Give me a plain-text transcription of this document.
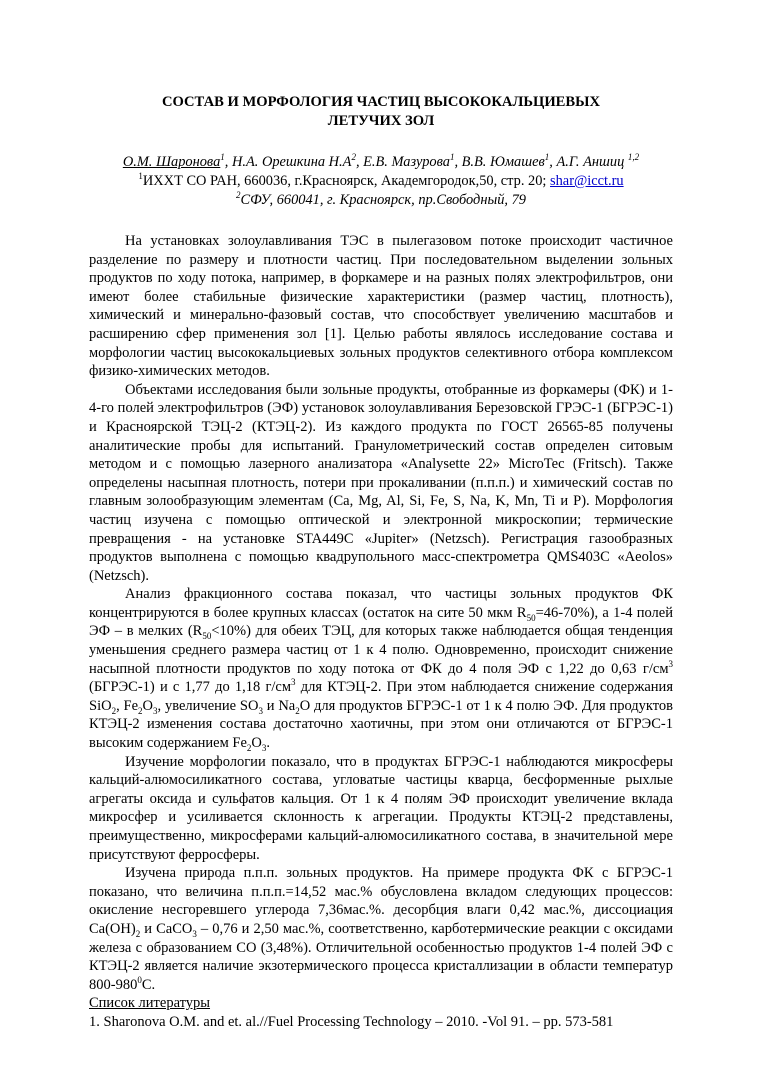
СОСТАВ И МОРФОЛОГИЯ ЧАСТИЦ ВЫСОКОКАЛЬЦИЕВЫХ
ЛЕТУЧИХ ЗОЛ
О.М. Шаронова$^1$, Н.А. Орешкина $Н.А^2$, Е.В. Мазурова$^1$, В.В. Юмашев$^1$, А.Г. Аншиц $^{1,2}$
$^1$ИХХТ СО РАН, 660036, г.Красноярск, Академгородок,50, стр. 20; shar@icct.ru
$^2$СФУ, 660041, г. Красноярск, пр.Свободный, 79

На установках золоулавливания ТЭС в пылегазовом потоке происходит частичное разделение по размеру и плотности частиц. При последовательном выделении зольных продуктов по ходу потока, например, в форкамере и на разных полях электрофильтров, они имеют более стабильные физические характеристики (размер частиц, плотность), химический и минерально-фазовый состав, что способствует увеличению масштабов и расширению сфер применения зол [1]. Целью работы являлось исследование состава и морфологии частиц высококальциевых зольных продуктов селективного отбора комплексом физико-химических методов.

Объектами исследования были зольные продукты, отобранные из форкамеры (ФК) и 1-4-го полей электрофильтров (ЭФ) установок золоулавливания Березовской ГРЭС-1 (БГРЭС-1) и Красноярской ТЭЦ-2 (КТЭЦ-2). Из каждого продукта по ГОСТ 26565-85 получены аналитические пробы для испытаний. Гранулометрический состав определен ситовым методом и с помощью лазерного анализатора «Analysette 22» MicroTec (Fritsch). Также определены насыпная плотность, потери при прокаливании (п.п.п.) и химический состав по главным золообразующим элементам (Ca, Mg, Al, Si, Fe, S, Na, K, Mn, Ti и P). Морфология частиц изучена с помощью оптической и электронной микроскопии; термические превращения - на установке STA449C «Jupiter» (Netzsch). Регистрация газообразных продуктов выполнена с помощью квадрупольного масс-спектрометра QMS403C «Aeolos» (Netzsch).

Анализ фракционного состава показал, что частицы зольных продуктов ФК концентрируются в более крупных классах (остаток на сите 50 мкм $R_{50}=46-70\%$), а 1-4 полей ЭФ – в мелких $(R_{50}<10\%)$ для обеих ТЭЦ, для которых также наблюдается общая тенденция уменьшения среднего размера частиц от 1 к 4 полю. Одновременно, происходит снижение насыпной плотности продуктов по ходу потока от ФК до 4 поля ЭФ с 1,22 до 0,63 $г/см^3$ (БГРЭС-1) и с 1,77 до 1,18 $г/см^3$ для КТЭЦ-2. При этом наблюдается снижение содержания SiO$_2$, $Fe_2O_3$, увеличение $SO_3$ и $Na_2O$ для продуктов БГРЭС-1 от 1 к 4 полю ЭФ. Для продуктов КТЭЦ-2 изменения состава достаточно хаотичны, при этом они отличаются от БГРЭС-1 высоким содержанием $Fe_2O_3$.

Изучение морфологии показало, что в продуктах БГРЭС-1 наблюдаются микросферы кальций-алюмосиликатного состава, угловатые частицы кварца, бесформенные рыхлые агрегаты оксида и сульфатов кальция. От 1 к 4 полям ЭФ происходит увеличение вклада микросфер и усиливается склонность к агрегации. Продукты КТЭЦ-2 представлены, преимущественно, микросферами кальций-алюмосиликатного состава, в значительной мере присутствуют ферросферы.

Изучена природа п.п.п. зольных продуктов. На примере продукта ФК с БГРЭС-1 показано, что величина п.п.п.=14,52 мас.% обусловлена вкладом следующих процессов: окисление несгоревшего углерода 7,36мас.%. десорбция влаги 0,42 мас.%, диссоциация $Ca(OH)_2$ и CaCO$_3$ – 0,76 и 2,50 мас.%, соответственно, карботермические реакции с оксидами железа с образованием CO (3,48%). Отличительной особенностью продуктов 1-4 полей ЭФ с КТЭЦ-2 является наличие экзотермического процесса кристаллизации в области температур $800-980^0С$.

Список литературы

1. Sharonova O.M. and et. al.//Fuel Processing Technology – 2010. -Vol 91. – pp. 573-581
